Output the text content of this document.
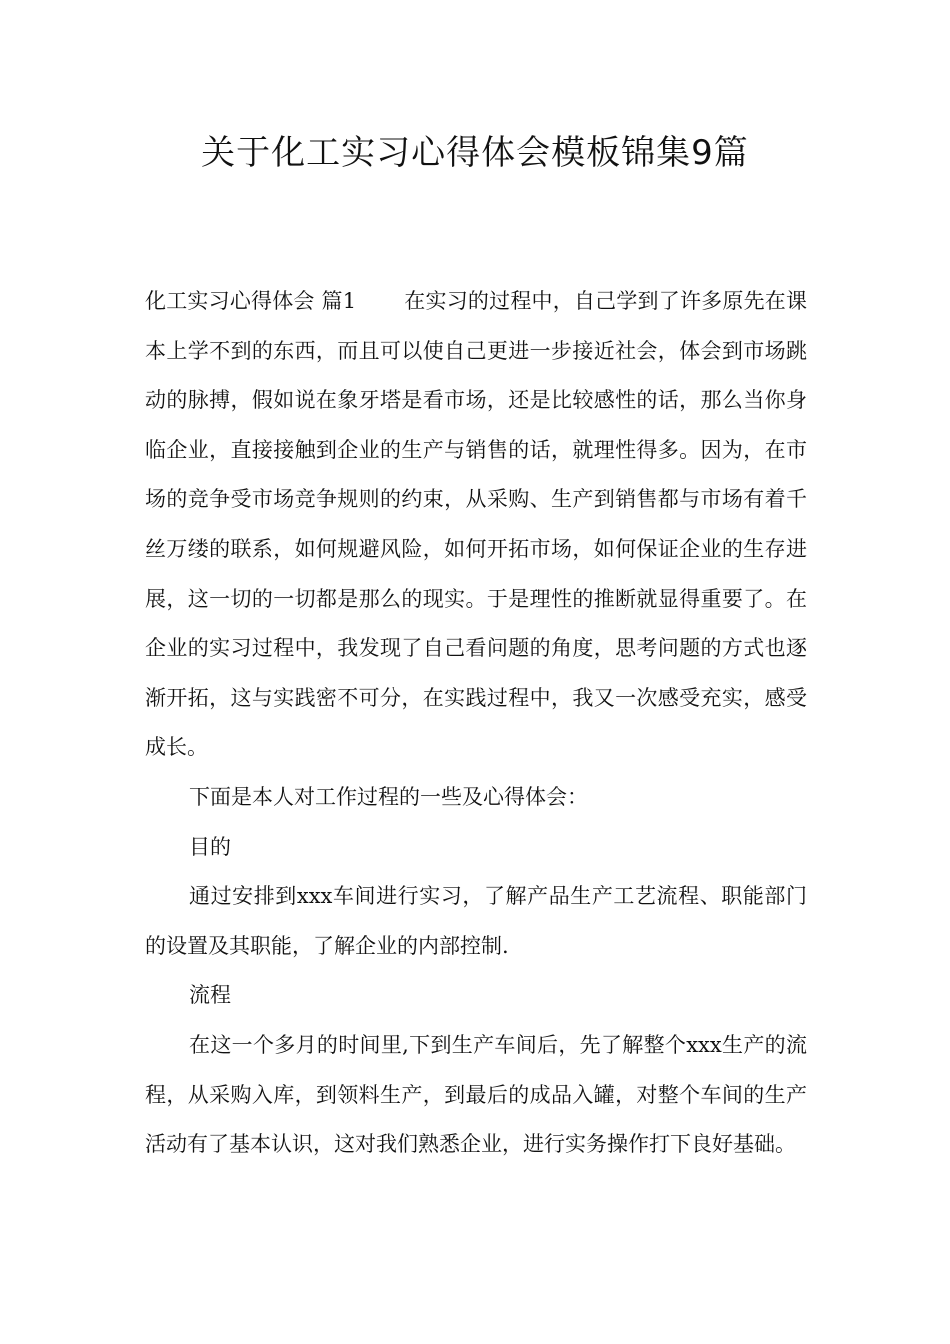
关于化工实习心得体会模板锦集9篇

化工实习心得体会 篇1 在实习的过程中，自己学到了许多原先在课本上学不到的东西，而且可以使自己更进一步接近社会，体会到市场跳动的脉搏，假如说在象牙塔是看市场，还是比较感性的话，那么当你身临企业，直接接触到企业的生产与销售的话，就理性得多。因为，在市场的竞争受市场竞争规则的约束，从采购、生产到销售都与市场有着千丝万缕的联系，如何规避风险，如何开拓市场，如何保证企业的生存进展，这一切的一切都是那么的现实。于是理性的推断就显得重要了。在企业的实习过程中，我发现了自己看问题的角度，思考问题的方式也逐渐开拓，这与实践密不可分，在实践过程中，我又一次感受充实，感受成长。

下面是本人对工作过程的一些及心得体会：

目的

通过安排到xxx车间进行实习，了解产品生产工艺流程、职能部门的设置及其职能，了解企业的内部控制.

流程

在这一个多月的时间里,下到生产车间后，先了解整个xxx生产的流程，从采购入库，到领料生产，到最后的成品入罐，对整个车间的生产活动有了基本认识，这对我们熟悉企业，进行实务操作打下良好基础。
